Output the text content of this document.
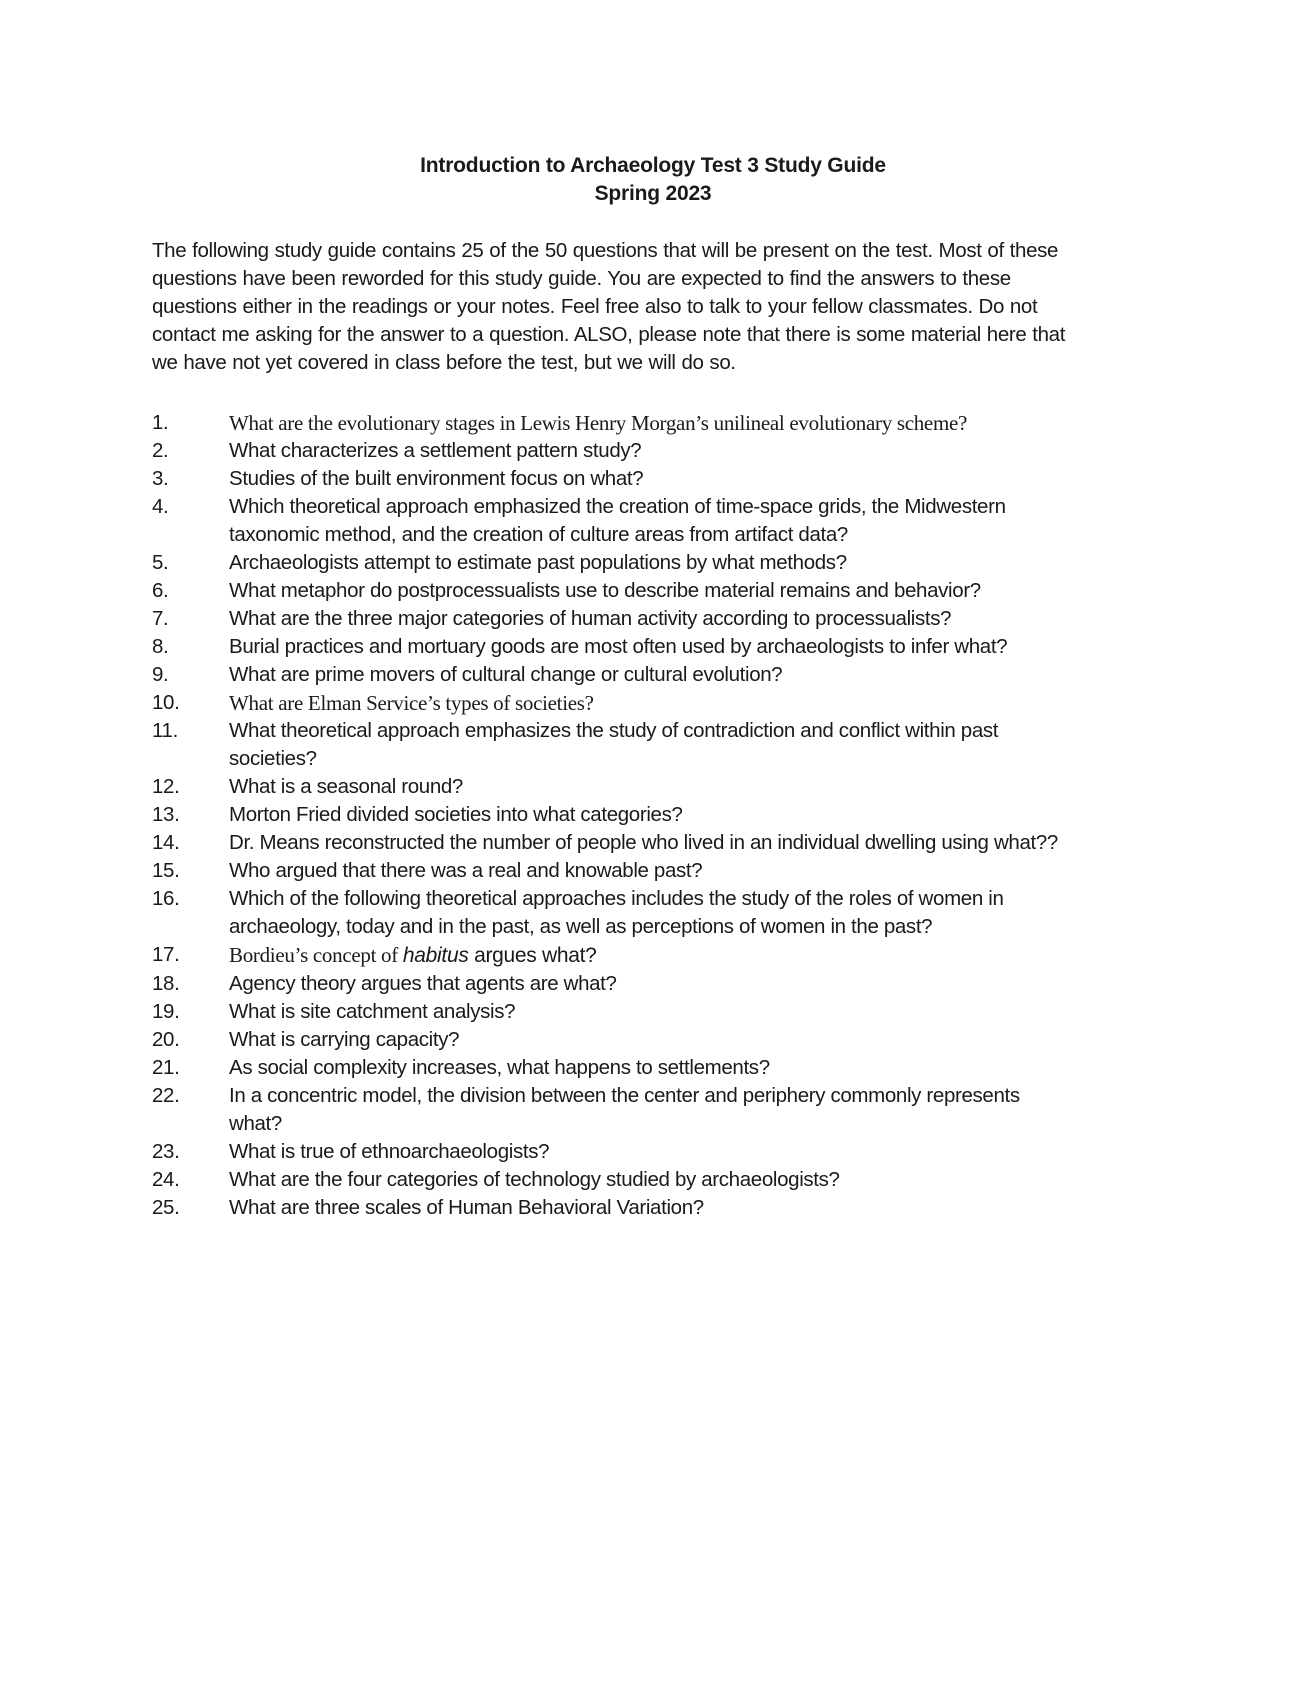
Introduction to Archaeology Test 3 Study Guide
Spring 2023
The following study guide contains 25 of the 50 questions that will be present on the test. Most of these
questions have been reworded for this study guide. You are expected to find the answers to these
questions either in the readings or your notes. Feel free also to talk to your fellow classmates. Do not
contact me asking for the answer to a question. ALSO, please note that there is some material here that
we have not yet covered in class before the test, but we will do so.
1.	What are the evolutionary stages in Lewis Henry Morgan’s unilineal evolutionary scheme?
2.	What characterizes a settlement pattern study?
3.	Studies of the built environment focus on what?
4.	Which theoretical approach emphasized the creation of time-space grids, the Midwestern
taxonomic method, and the creation of culture areas from artifact data?
5.	Archaeologists attempt to estimate past populations by what methods?
6.	What metaphor do postprocessualists use to describe material remains and behavior?
7.	What are the three major categories of human activity according to processualists?
8.	Burial practices and mortuary goods are most often used by archaeologists to infer what?
9.	What are prime movers of cultural change or cultural evolution?
10.	What are Elman Service’s types of societies?
11.	What theoretical approach emphasizes the study of contradiction and conflict within past
societies?
12.	What is a seasonal round?
13.	Morton Fried divided societies into what categories?
14.	Dr. Means reconstructed the number of people who lived in an individual dwelling using what??
15.	Who argued that there was a real and knowable past?
16.	Which of the following theoretical approaches includes the study of the roles of women in
archaeology, today and in the past, as well as perceptions of women in the past?
17.	Bordieu’s concept of habitus argues what?
18.	Agency theory argues that agents are what?
19.	What is site catchment analysis?
20.	What is carrying capacity?
21.	As social complexity increases, what happens to settlements?
22.	In a concentric model, the division between the center and periphery commonly represents
what?
23.	What is true of ethnoarchaeologists?
24.	What are the four categories of technology studied by archaeologists?
25.	What are three scales of Human Behavioral Variation?
